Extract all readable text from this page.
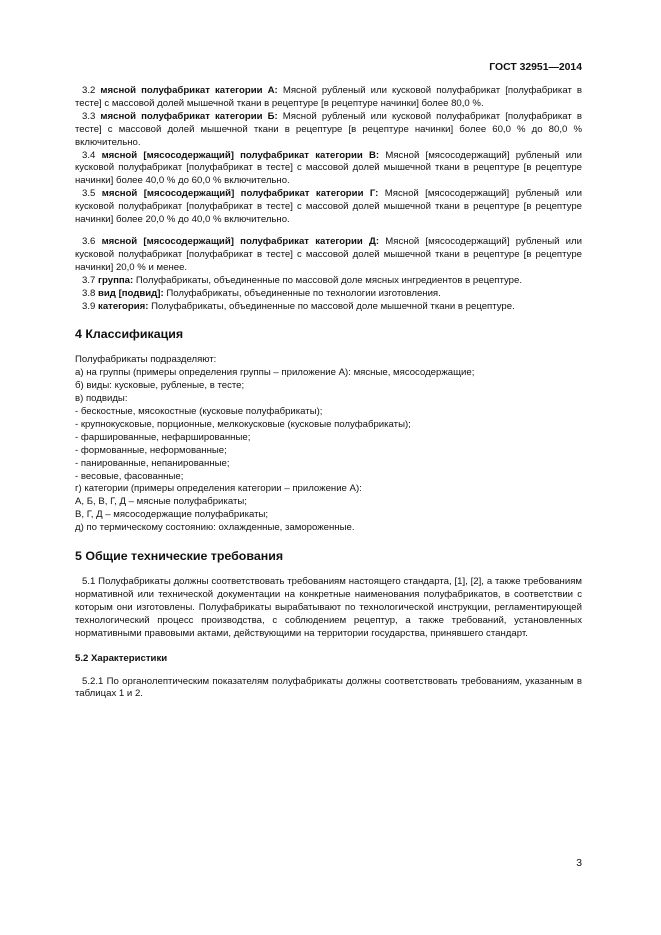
ГОСТ 32951—2014

3.2 мясной полуфабрикат категории А: Мясной рубленый или кусковой полуфабрикат [полуфабрикат в тесте] с массовой долей мышечной ткани в рецептуре [в рецептуре начинки] более 80,0 %.

3.3 мясной полуфабрикат категории Б: Мясной рубленый или кусковой полуфабрикат [полуфабрикат в тесте] с массовой долей мышечной ткани в рецептуре [в рецептуре начинки] более 60,0 % до 80,0 % включительно.

3.4 мясной [мясосодержащий] полуфабрикат категории В: Мясной [мясосодержащий] рубленый или кусковой полуфабрикат [полуфабрикат в тесте] с массовой долей мышечной ткани в рецептуре [в рецептуре начинки] более 40,0 % до 60,0 % включительно.

3.5 мясной [мясосодержащий] полуфабрикат категории Г: Мясной [мясосодержащий] рубленый или кусковой полуфабрикат [полуфабрикат в тесте] с массовой долей мышечной ткани в рецептуре [в рецептуре начинки] более 20,0 % до 40,0 % включительно.

3.6 мясной [мясосодержащий] полуфабрикат категории Д: Мясной [мясосодержащий] рубленый или кусковой полуфабрикат [полуфабрикат в тесте] с массовой долей мышечной ткани в рецептуре [в рецептуре начинки] 20,0 % и менее.

3.7 группа: Полуфабрикаты, объединенные по массовой доле мясных ингредиентов в рецептуре.

3.8 вид [подвид]: Полуфабрикаты, объединенные по технологии изготовления.

3.9 категория: Полуфабрикаты, объединенные по массовой доле мышечной ткани в рецептуре.

4 Классификация

Полуфабрикаты подразделяют:

а) на группы (примеры определения группы – приложение А): мясные, мясосодержащие;

б) виды: кусковые, рубленые, в тесте;

в) подвиды:

- бескостные, мясокостные (кусковые полуфабрикаты);

- крупнокусковые, порционные, мелкокусковые (кусковые полуфабрикаты);

- фаршированные, нефаршированные;

- формованные, неформованные;

- панированные, непанированные;

- весовые, фасованные;

г) категории (примеры определения категории – приложение А):

А, Б, В, Г, Д – мясные полуфабрикаты;

В, Г, Д – мясосодержащие полуфабрикаты;

д) по термическому состоянию: охлажденные, замороженные.

5 Общие технические требования

5.1 Полуфабрикаты должны соответствовать требованиям настоящего стандарта, [1], [2], а также требованиям нормативной или технической документации на конкретные наименования полуфабрикатов, в соответствии с которым они изготовлены. Полуфабрикаты вырабатывают по технологической инструкции, регламентирующей технологический процесс производства, с соблюдением рецептур, а также требований, установленных нормативными правовыми актами, действующими на территории государства, принявшего стандарт.

5.2 Характеристики

5.2.1 По органолептическим показателям полуфабрикаты должны соответствовать требованиям, указанным в таблицах 1 и 2.

3
